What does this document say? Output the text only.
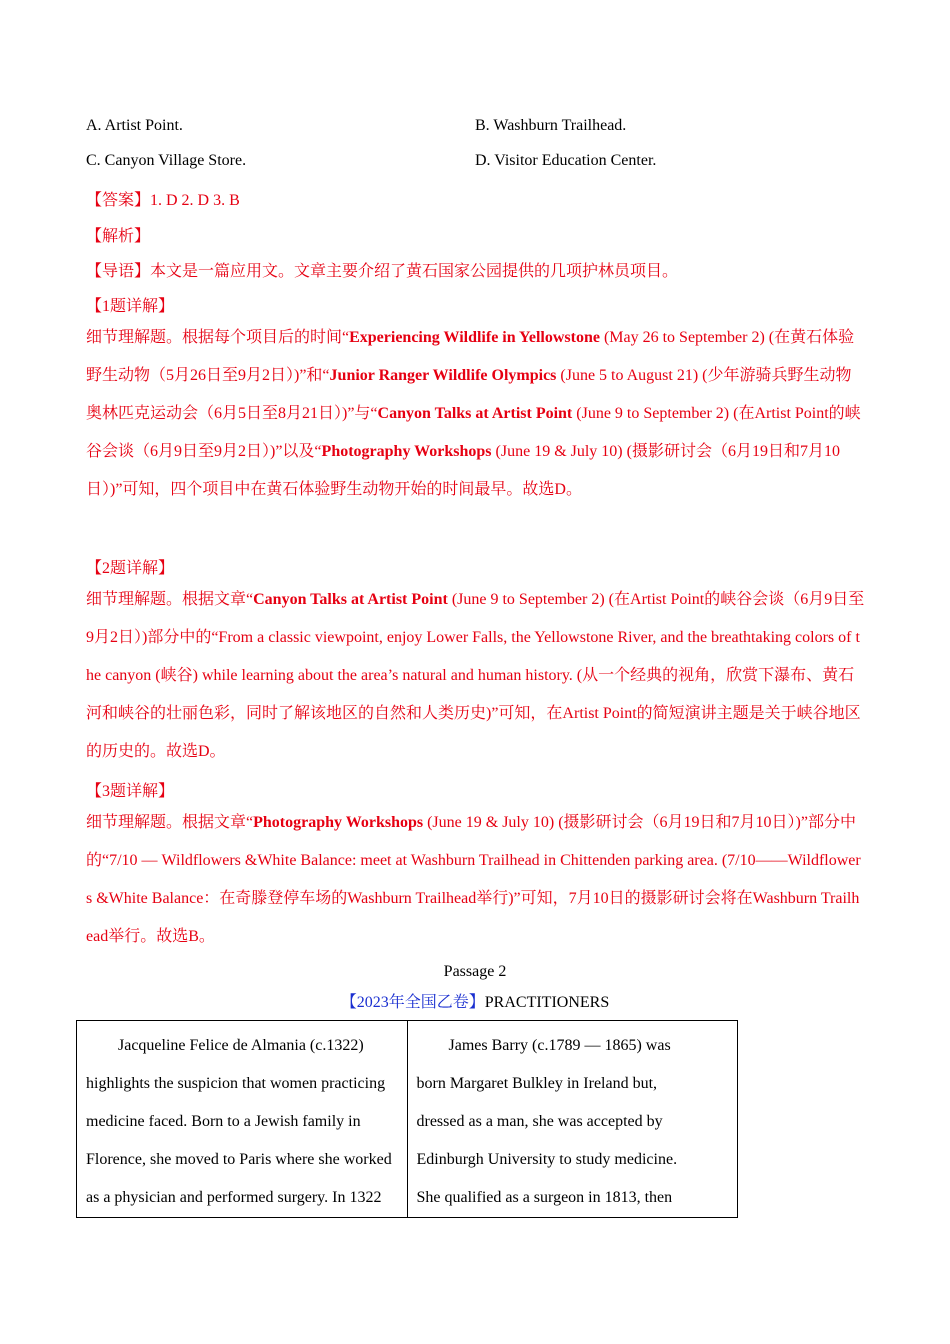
A. Artist Point.	B. Washburn Trailhead.
C. Canyon Village Store.	D. Visitor Education Center.
【答案】1. D 2. D 3. B
【解析】
【导语】本文是一篇应用文。文章主要介绍了黄石国家公园提供的几项护林员项目。
【1题详解】
细节理解题。根据每个项目后的时间“Experiencing Wildlife in Yellowstone (May 26 to September 2) (在黄石体验野生动物（5月26日至9月2日）)”和“Junior Ranger Wildlife Olympics (June 5 to August 21) (少年游骑兵野生动物奥林匹克运动会（6月5日至8月21日）)”与“Canyon Talks at Artist Point (June 9 to September 2) (在Artist Point的峡谷会谈（6月9日至9月2日）)”以及“Photography Workshops (June 19 & July 10) (摄影研讨会（6月19日和7月10日）)”可知，四个项目中在黄石体验野生动物开始的时间最早。故选D。
【2题详解】
细节理解题。根据文章“Canyon Talks at Artist Point (June 9 to September 2) (在Artist Point的峡谷会谈（6月9日至9月2日）)部分中的“From a classic viewpoint, enjoy Lower Falls, the Yellowstone River, and the breathtaking colors of the canyon (峡谷) while learning about the area’s natural and human history. (从一个经典的视角，欣赏下瀑布、黄石河和峡谷的壮丽色彩，同时了解该地区的自然和人类历史)”可知，在Artist Point的简短演讲主题是关于峡谷地区的历史的。故选D。
【3题详解】
细节理解题。根据文章“Photography Workshops (June 19 & July 10) (摄影研讨会（6月19日和7月10日）)”部分中的“7/10 — Wildflowers &White Balance: meet at Washburn Trailhead in Chittenden parking area. (7/10——Wildflowers &White Balance：在奇滕登停车场的Washburn Trailhead举行)”可知，7月10日的摄影研讨会将在Washburn Trailhead举行。故选B。
Passage 2
【2023年全国乙卷】PRACTITIONERS
Jacqueline Felice de Almania (c.1322)
highlights the suspicion that women practicing
medicine faced. Born to a Jewish family in
Florence, she moved to Paris where she worked
as a physician and performed surgery. In 1322

James Barry (c.1789 — 1865) was
born Margaret Bulkley in Ireland but,
dressed as a man, she was accepted by
Edinburgh University to study medicine.
She qualified as a surgeon in 1813, then
